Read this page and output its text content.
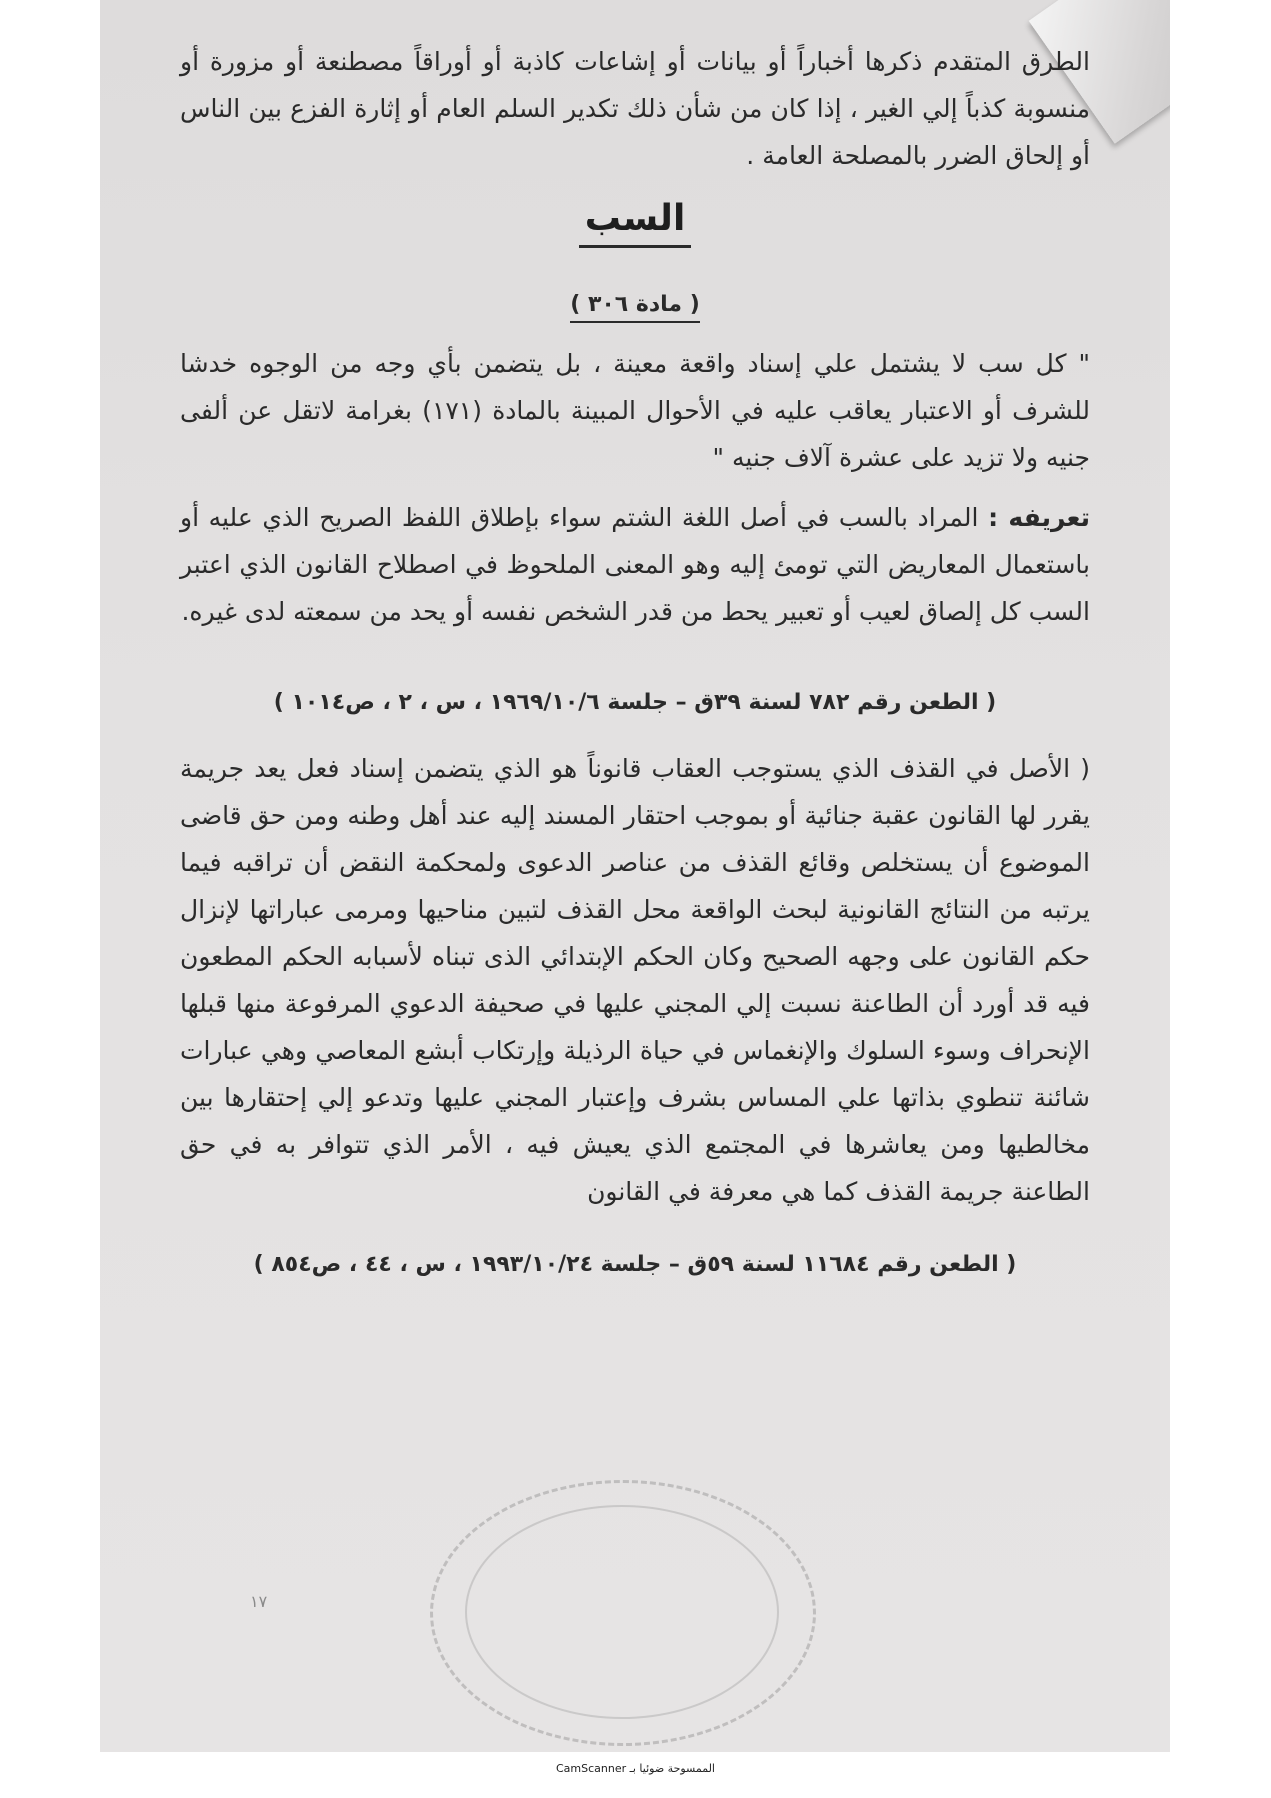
الطرق المتقدم ذكرها أخباراً أو بيانات أو إشاعات كاذبة أو أوراقاً مصطنعة أو مزورة أو منسوبة كذباً إلي الغير ، إذا كان من شأن ذلك تكدير السلم العام أو إثارة الفزع بين الناس أو إلحاق الضرر بالمصلحة العامة .

السب
( مادة ٣٠٦ )

" كل سب لا يشتمل علي إسناد واقعة معينة ، بل يتضمن بأي وجه من الوجوه خدشا للشرف أو الاعتبار يعاقب عليه في الأحوال المبينة بالمادة (١٧١) بغرامة لاتقل عن ألفى جنيه ولا تزيد على عشرة آلاف جنيه "

تعريفه : المراد بالسب في أصل اللغة الشتم سواء بإطلاق اللفظ الصريح الذي عليه أو باستعمال المعاريض التي تومئ إليه وهو المعنى الملحوظ في اصطلاح القانون الذي اعتبر السب كل إلصاق لعيب أو تعبير يحط من قدر الشخص نفسه أو يحد من سمعته لدى غيره.

( الطعن رقم ٧٨٢ لسنة ٣٩ق – جلسة ١٩٦٩/١٠/٦ ، س ، ٢ ، ص١٠١٤ )

( الأصل في القذف الذي يستوجب العقاب قانوناً هو الذي يتضمن إسناد فعل يعد جريمة يقرر لها القانون عقبة جنائية أو بموجب احتقار المسند إليه عند أهل وطنه ومن حق قاضى الموضوع أن يستخلص وقائع القذف من عناصر الدعوى ولمحكمة النقض أن تراقبه فيما يرتبه من النتائج القانونية لبحث الواقعة محل القذف لتبين مناحيها ومرمى عباراتها لإنزال حكم القانون على وجهه الصحيح وكان الحكم الإبتدائي الذى تبناه لأسبابه الحكم المطعون فيه قد أورد أن الطاعنة نسبت إلي المجني عليها في صحيفة الدعوي المرفوعة منها قبلها الإنحراف وسوء السلوك والإنغماس في حياة الرذيلة وإرتكاب أبشع المعاصي وهي عبارات شائنة تنطوي بذاتها علي المساس بشرف وإعتبار المجني عليها وتدعو إلي إحتقارها بين مخالطيها ومن يعاشرها في المجتمع الذي يعيش فيه ، الأمر الذي تتوافر به في حق الطاعنة جريمة القذف كما هي معرفة في القانون

( الطعن رقم ١١٦٨٤ لسنة ٥٩ق – جلسة ١٩٩٣/١٠/٢٤ ، س ، ٤٤ ، ص٨٥٤ )
١٧
الممسوحة ضوئيا بـ CamScanner
